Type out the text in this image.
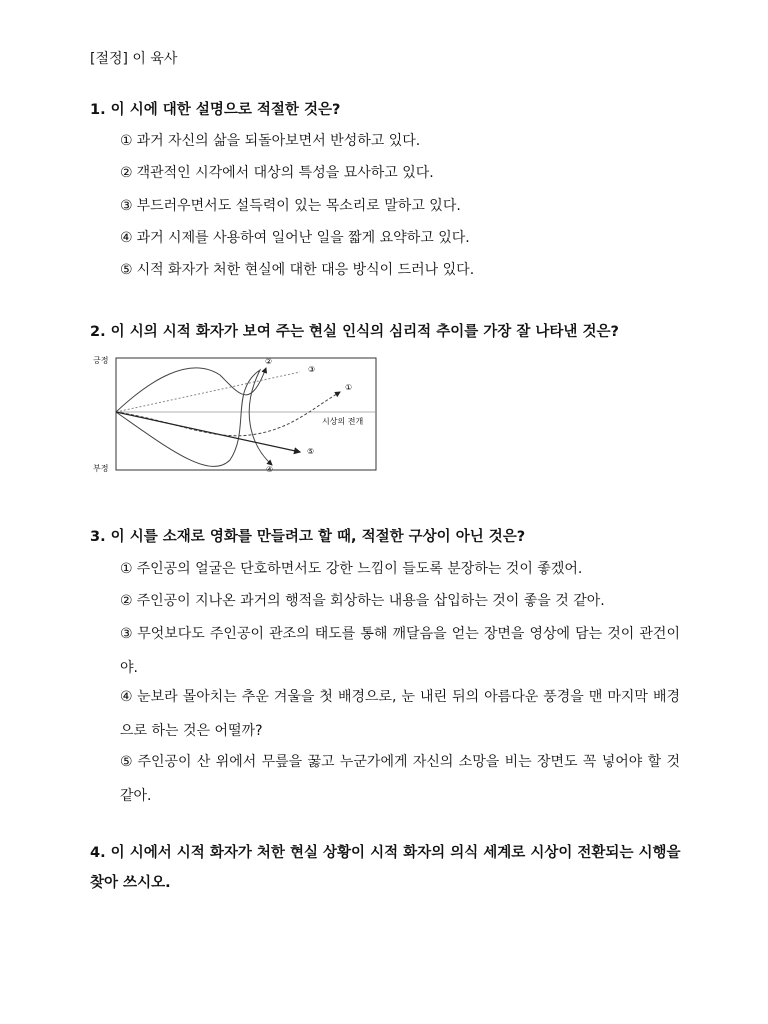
[절정] 이 육사
1. 이 시에 대한 설명으로 적절한 것은?
① 과거 자신의 삶을 되돌아보면서 반성하고 있다.
② 객관적인 시각에서 대상의 특성을 묘사하고 있다.
③ 부드러우면서도 설득력이 있는 목소리로 말하고 있다.
④ 과거 시제를 사용하여 일어난 일을 짧게 요약하고 있다.
⑤ 시적 화자가 처한 현실에 대한 대응 방식이 드러나 있다.
2. 이 시의 시적 화자가 보여 주는 현실 인식의 심리적 추이를 가장 잘 나타낸 것은?
긍정
부정
시상의 전개
①
②
③
④
⑤
3. 이 시를 소재로 영화를 만들려고 할 때, 적절한 구상이 아닌 것은?
① 주인공의 얼굴은 단호하면서도 강한 느낌이 들도록 분장하는 것이 좋겠어.
② 주인공이 지나온 과거의 행적을 회상하는 내용을 삽입하는 것이 좋을 것 같아.
③ 무엇보다도 주인공이 관조의 태도를 통해 깨달음을 얻는 장면을 영상에 담는 것이 관건이야.
④ 눈보라 몰아치는 추운 겨울을 첫 배경으로, 눈 내린 뒤의 아름다운 풍경을 맨 마지막 배경으로 하는 것은 어떨까?
⑤ 주인공이 산 위에서 무릎을 꿇고 누군가에게 자신의 소망을 비는 장면도 꼭 넣어야 할 것 같아.
4. 이 시에서 시적 화자가 처한 현실 상황이 시적 화자의 의식 세계로 시상이 전환되는 시행을 찾아 쓰시오.
